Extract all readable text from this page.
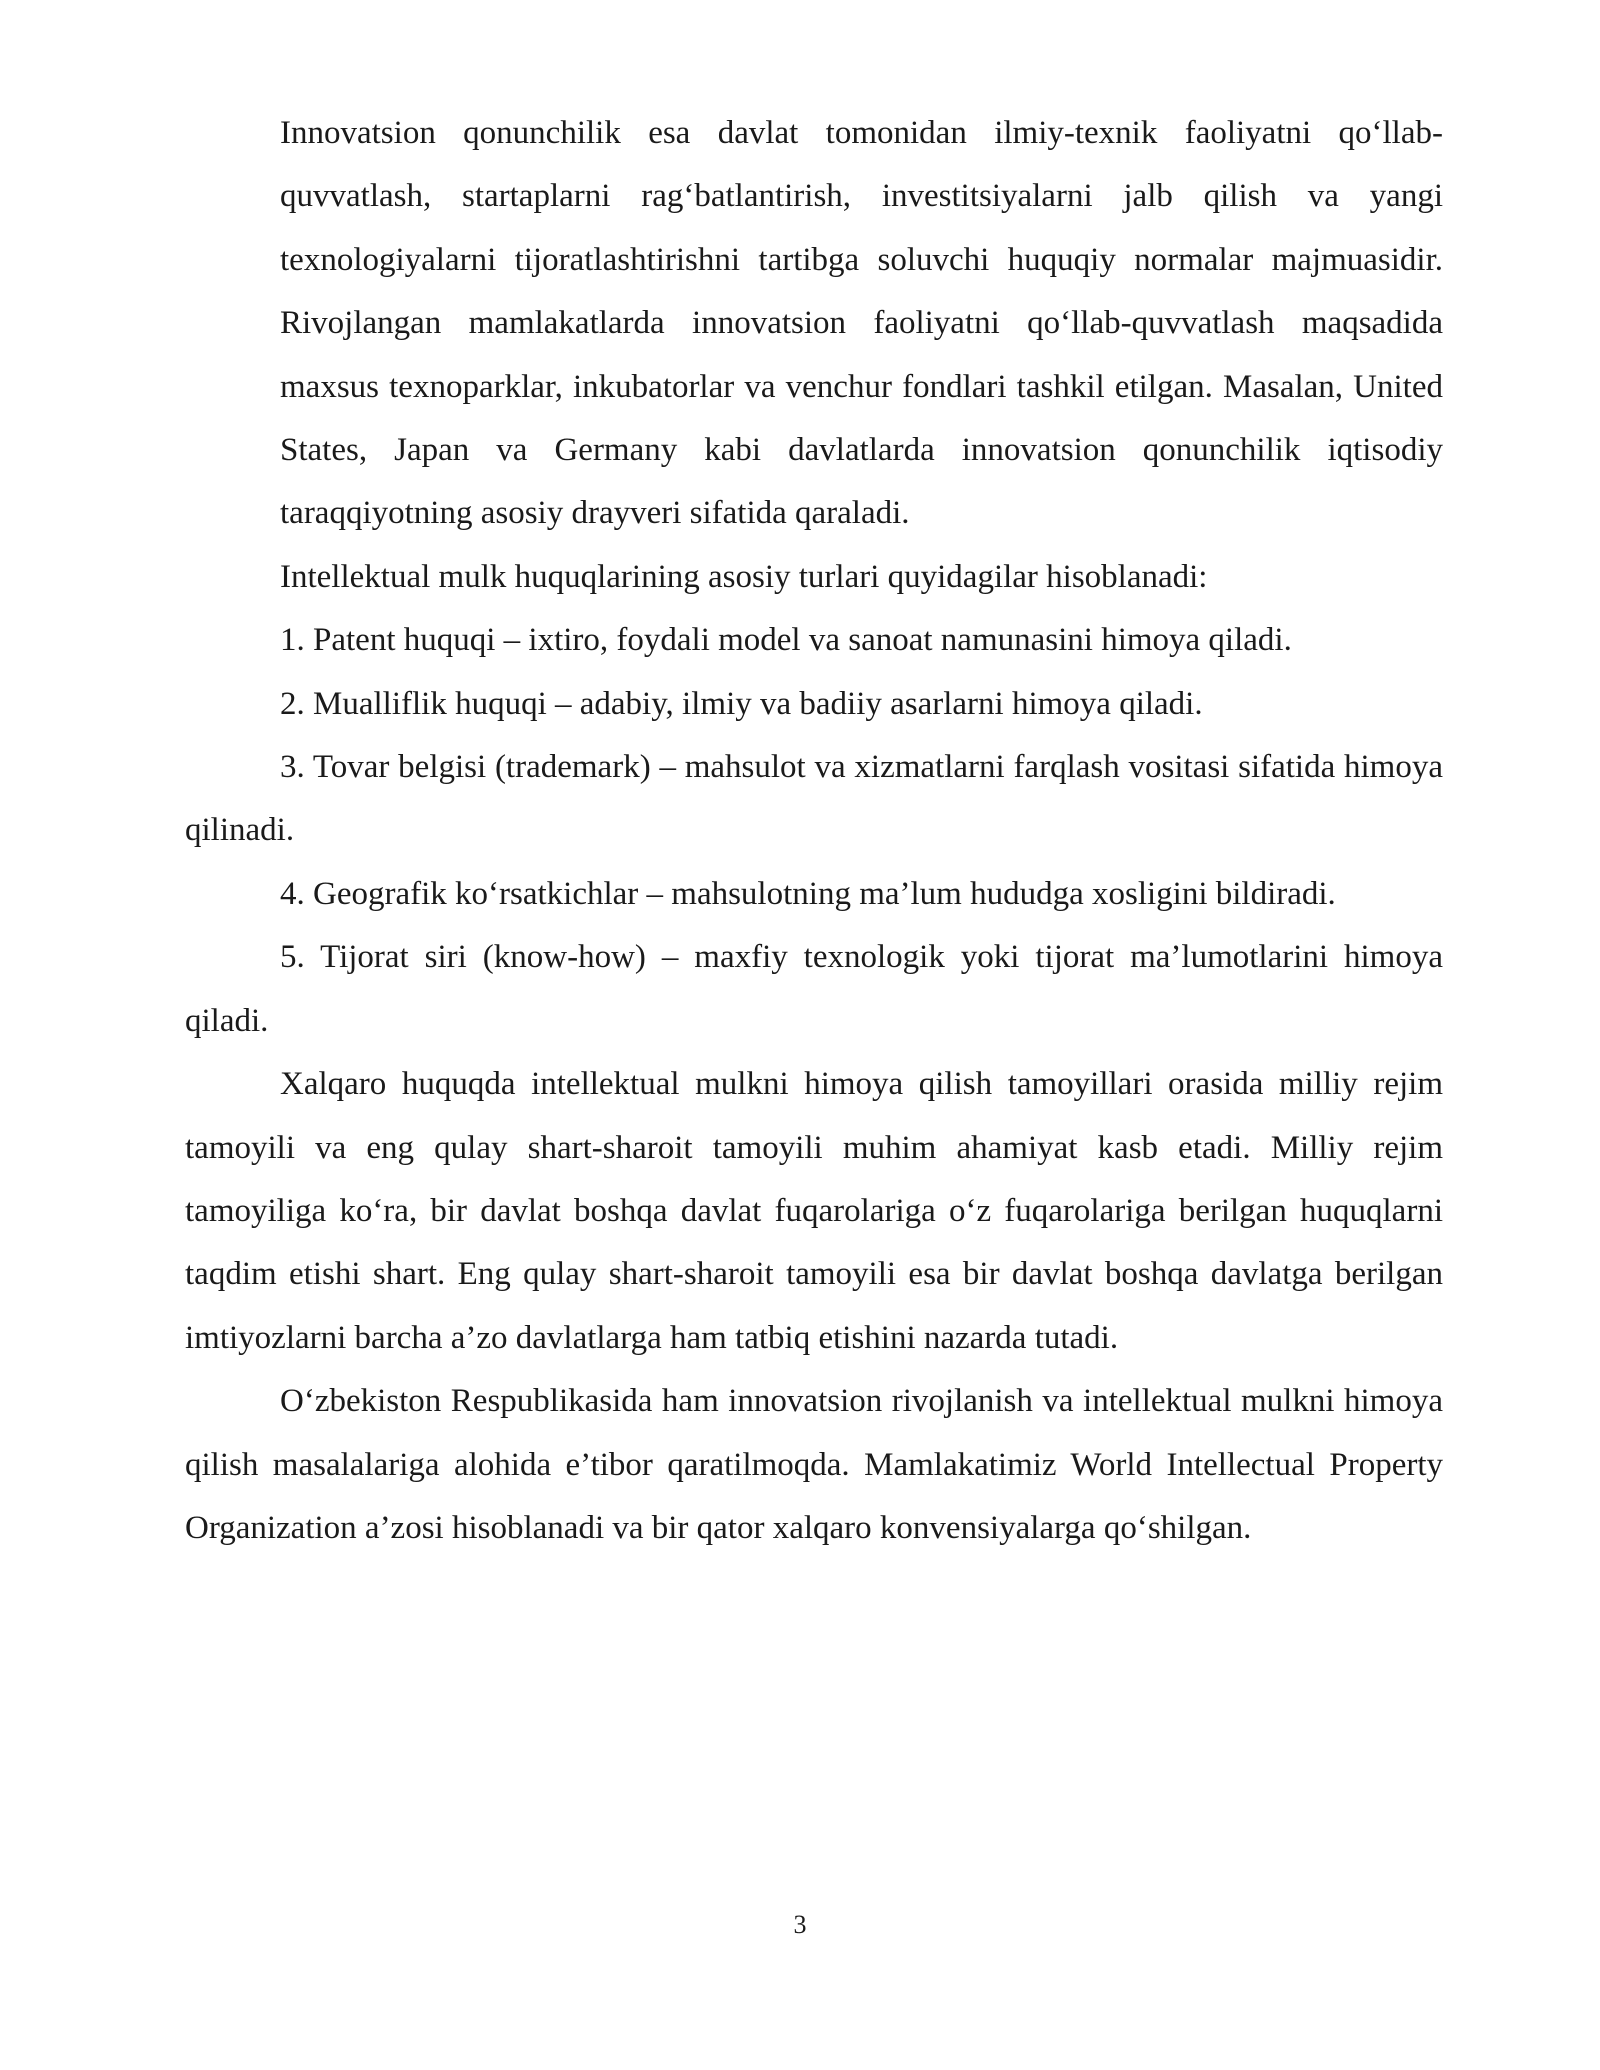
Innovatsion qonunchilik esa davlat tomonidan ilmiy-texnik faoliyatni qo‘llab-quvvatlash, startaplarni rag‘batlantirish, investitsiyalarni jalb qilish va yangi texnologiyalarni tijoratlashtirishni tartibga soluvchi huquqiy normalar majmuasidir. Rivojlangan mamlakatlarda innovatsion faoliyatni qo‘llab-quvvatlash maqsadida maxsus texnoparklar, inkubatorlar va venchur fondlari tashkil etilgan. Masalan, United States, Japan va Germany kabi davlatlarda innovatsion qonunchilik iqtisodiy taraqqiyotning asosiy drayveri sifatida qaraladi.

Intellektual mulk huquqlarining asosiy turlari quyidagilar hisoblanadi:

1. Patent huquqi – ixtiro, foydali model va sanoat namunasini himoya qiladi.

2. Mualliflik huquqi – adabiy, ilmiy va badiiy asarlarni himoya qiladi.

3. Tovar belgisi (trademark) – mahsulot va xizmatlarni farqlash vositasi sifatida himoya qilinadi.

4. Geografik ko‘rsatkichlar – mahsulotning ma’lum hududga xosligini bildiradi.

5. Tijorat siri (know-how) – maxfiy texnologik yoki tijorat ma’lumotlarini himoya qiladi.

Xalqaro huquqda intellektual mulkni himoya qilish tamoyillari orasida milliy rejim tamoyili va eng qulay shart-sharoit tamoyili muhim ahamiyat kasb etadi. Milliy rejim tamoyiliga ko‘ra, bir davlat boshqa davlat fuqarolariga o‘z fuqarolariga berilgan huquqlarni taqdim etishi shart. Eng qulay shart-sharoit tamoyili esa bir davlat boshqa davlatga berilgan imtiyozlarni barcha a’zo davlatlarga ham tatbiq etishini nazarda tutadi.

O‘zbekiston Respublikasida ham innovatsion rivojlanish va intellektual mulkni himoya qilish masalalariga alohida e’tibor qaratilmoqda. Mamlakatimiz World Intellectual Property Organization a’zosi hisoblanadi va bir qator xalqaro konvensiyalarga qo‘shilgan.

3
